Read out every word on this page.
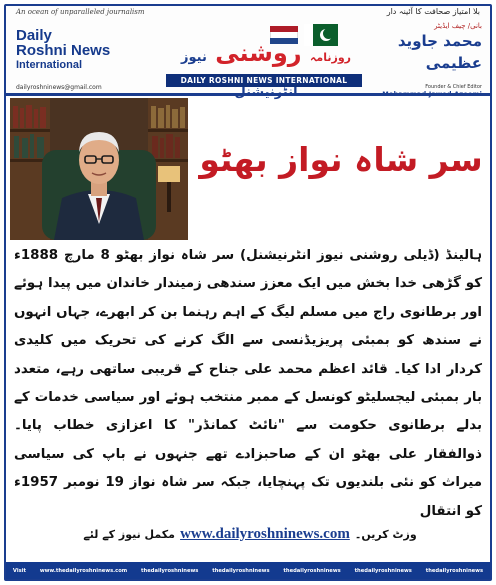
An ocean of unparalleled journalism	بلا امتیاز صحافت کا آئینہ دار
Daily
Roshni News
International
dailyroshninews@gmail.com
روزنامہ روشنی نیوز
DAILY ROSHNI NEWS INTERNATIONAL
بانی/ چیف ایڈیٹر
محمد جاوید عظیمی
Founder & Chief Editor
سر شاہ نواز بھٹو
ہالینڈ (ڈیلی روشنی نیوز انٹرنیشنل) سر شاہ نواز بھٹو 8 مارچ 1888ء کو گڑھی خدا بخش میں ایک معزز سندھی زمیندار خاندان میں پیدا ہوئے اور برطانوی راج میں مسلم لیگ کے اہم رہنما بن کر ابھرے، جہاں انہوں نے سندھ کو بمبئی پریزیڈنسی سے الگ کرنے کی تحریک میں کلیدی کردار ادا کیا۔ قائد اعظم محمد علی جناح کے قریبی ساتھی رہے، متعدد بار بمبئی لیجسلیٹو کونسل کے ممبر منتخب ہوئے اور سیاسی خدمات کے بدلے برطانوی حکومت سے "نائٹ کمانڈر" کا اعزازی خطاب پایا۔ ذوالفقار علی بھٹو ان کے صاحبزادے تھے جنہوں نے باپ کی سیاسی میراث کو نئی بلندیوں تک پہنچایا، جبکہ سر شاہ نواز 19 نومبر 1957ء کو انتقال
مکمل نیوز کے لئے www.dailyroshninews.com وزٹ کریں۔
Visit	www.thedailyroshninews.com	thedailyroshninews	thedailyroshninews	thedailyroshninews	thedailyroshninews	thedailyroshninews
